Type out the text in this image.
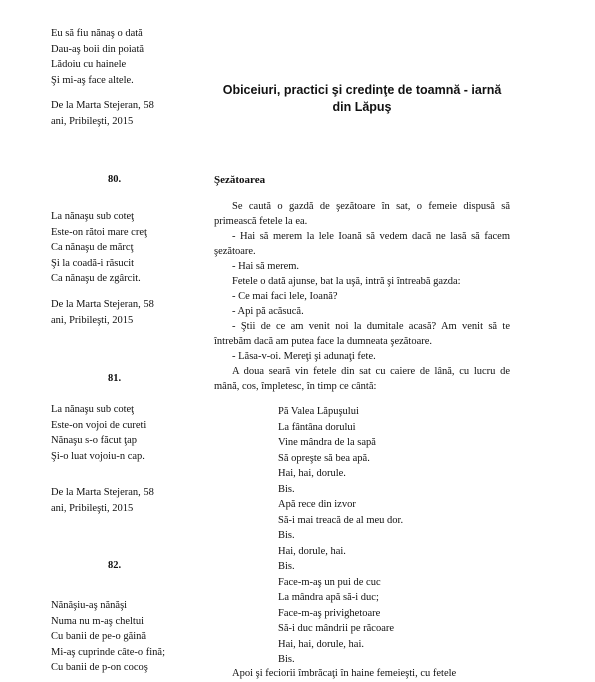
Eu să fiu nănaş o dată
Dau-aş boii din poiată
Lădoiu cu hainele
Şi mi-aş face altele.
De la Marta Stejeran, 58
ani, Pribileşti, 2015
80.
La nănaşu sub coteţ
Este-on rătoi mare creţ
Ca nănaşu de mărcţ
Şi la coadă-i răsucit
Ca nănaşu de zgârcit.
De la Marta Stejeran, 58
ani, Pribileşti, 2015
81.
La nănaşu sub coteţ
Este-on vojoi de cureti
Nănaşu s-o făcut ţap
Şi-o luat vojoiu-n cap.
De la Marta Stejeran, 58
ani, Pribileşti, 2015
82.
Nănăşiu-aş nănăşi
Numa nu m-aş cheltui
Cu banii de pe-o găină
Mi-aş cuprinde câte-o fină;
Cu banii de p-on cocoş
Obiceiuri, practici şi credinţe de toamnă - iarnă
din Lăpuş
Şezătoarea
Se caută o gazdă de şezătoare în sat, o femeie dispusă să primească fetele la ea.
- Hai să merem la lele Ioană să vedem dacă ne lasă să facem şezătoare.
- Hai să merem.
Fetele o dată ajunse, bat la uşă, intră şi întreabă gazda:
- Ce mai faci lele, Ioană?
- Api pă acăsucă.
- Ştii de ce am venit noi la dumitale acasă? Am venit să te întrebăm dacă am putea face la dumneata şezătoare.
- Lăsa-v-oi. Mereţi şi adunaţi fete.
A doua seară vin fetele din sat cu caiere de lână, cu lucru de mână, cos, împletesc, în timp ce cântă:
Pă Valea Lăpuşului
La fântâna dorului
Vine mândra de la sapă
Să opreşte să bea apă.
Hai, hai, dorule.
Bis.
Apă rece din izvor
Să-i mai treacă de al meu dor.
Bis.
Hai, dorule, hai.
Bis.
Face-m-aş un pui de cuc
La mândra apă să-i duc;
Face-m-aş privighetoare
Să-i duc mândrii pe răcoare
Hai, hai, dorule, hai.
Bis.
Apoi şi feciorii îmbrăcaţi în haine femeieşti, cu fetele
